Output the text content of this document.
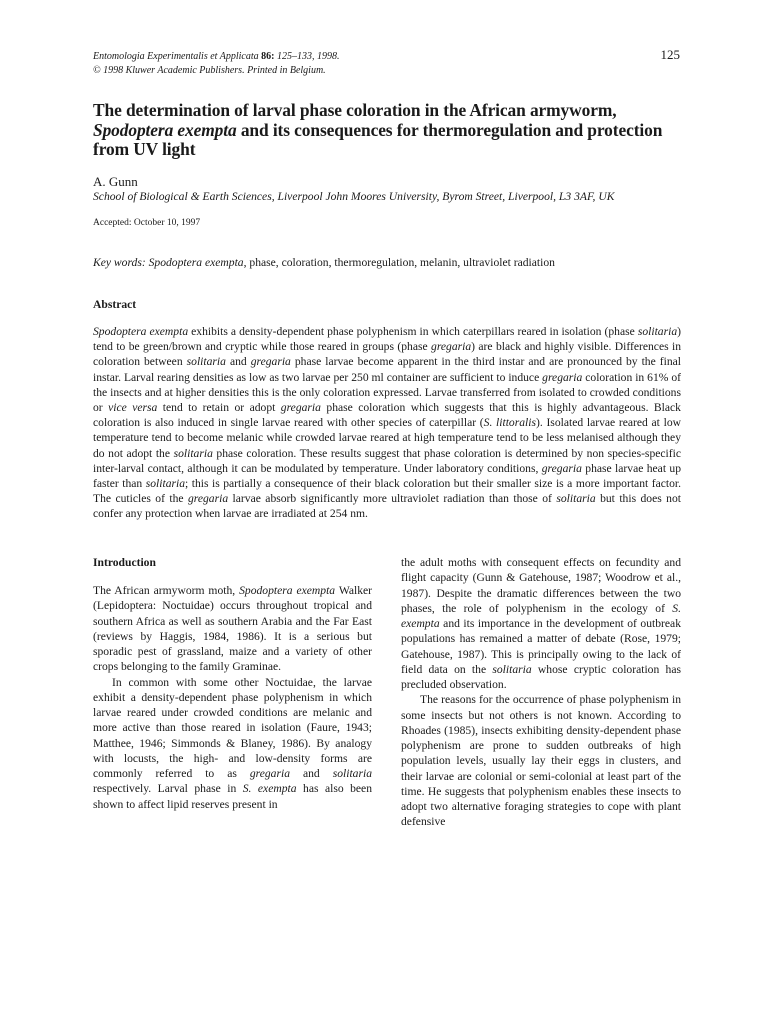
Entomologia Experimentalis et Applicata 86: 125–133, 1998.
© 1998 Kluwer Academic Publishers. Printed in Belgium.
125
The determination of larval phase coloration in the African armyworm,
Spodoptera exempta and its consequences for thermoregulation and protection from UV light
A. Gunn
School of Biological & Earth Sciences, Liverpool John Moores University, Byrom Street, Liverpool, L3 3AF, UK
Accepted: October 10, 1997
Key words: Spodoptera exempta, phase, coloration, thermoregulation, melanin, ultraviolet radiation
Abstract
Spodoptera exempta exhibits a density-dependent phase polyphenism in which caterpillars reared in isolation (phase solitaria) tend to be green/brown and cryptic while those reared in groups (phase gregaria) are black and highly visible. Differences in coloration between solitaria and gregaria phase larvae become apparent in the third instar and are pronounced by the final instar. Larval rearing densities as low as two larvae per 250 ml container are sufficient to induce gregaria coloration in 61% of the insects and at higher densities this is the only coloration expressed. Larvae transferred from isolated to crowded conditions or vice versa tend to retain or adopt gregaria phase coloration which suggests that this is highly advantageous. Black coloration is also induced in single larvae reared with other species of caterpillar (S. littoralis). Isolated larvae reared at low temperature tend to become melanic while crowded larvae reared at high temperature tend to be less melanised although they do not adopt the solitaria phase coloration. These results suggest that phase coloration is determined by non species-specific inter-larval contact, although it can be modulated by temperature. Under laboratory conditions, gregaria phase larvae heat up faster than solitaria; this is partially a consequence of their black coloration but their smaller size is a more important factor. The cuticles of the gregaria larvae absorb significantly more ultraviolet radiation than those of solitaria but this does not confer any protection when larvae are irradiated at 254 nm.
Introduction

The African armyworm moth, Spodoptera exempta Walker (Lepidoptera: Noctuidae) occurs throughout tropical and southern Africa as well as southern Arabia and the Far East (reviews by Haggis, 1984, 1986). It is a serious but sporadic pest of grassland, maize and a variety of other crops belonging to the family Graminae.

In common with some other Noctuidae, the larvae exhibit a density-dependent phase polyphenism in which larvae reared under crowded conditions are melanic and more active than those reared in isolation (Faure, 1943; Matthee, 1946; Simmonds & Blaney, 1986). By analogy with locusts, the high- and low-density forms are commonly referred to as gregaria and solitaria respectively. Larval phase in S. exempta has also been shown to affect lipid reserves present in

the adult moths with consequent effects on fecundity and flight capacity (Gunn & Gatehouse, 1987; Woodrow et al., 1987). Despite the dramatic differences between the two phases, the role of polyphenism in the ecology of S. exempta and its importance in the development of outbreak populations has remained a matter of debate (Rose, 1979; Gatehouse, 1987). This is principally owing to the lack of field data on the solitaria whose cryptic coloration has precluded observation.

The reasons for the occurrence of phase polyphenism in some insects but not others is not known. According to Rhoades (1985), insects exhibiting density-dependent phase polyphenism are prone to sudden outbreaks of high population levels, usually lay their eggs in clusters, and their larvae are colonial or semi-colonial at least part of the time. He suggests that polyphenism enables these insects to adopt two alternative foraging strategies to cope with plant defensive
